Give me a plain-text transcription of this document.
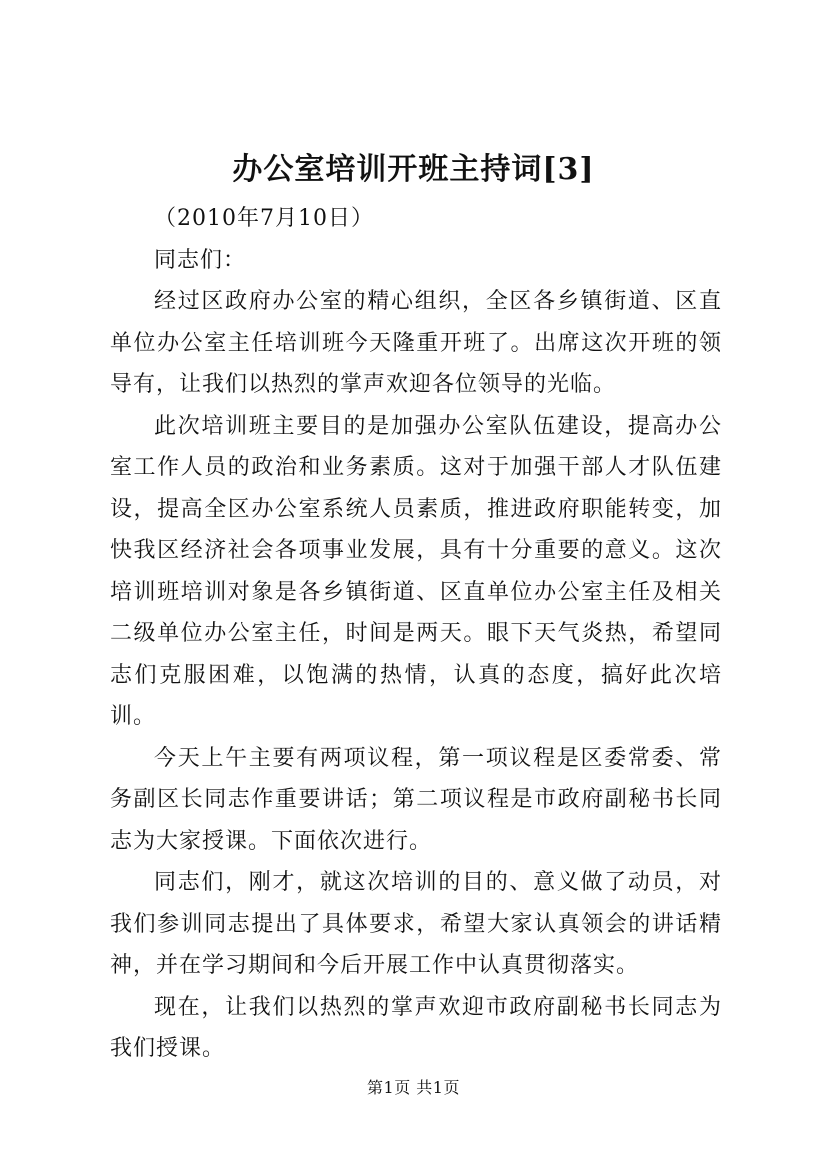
办公室培训开班主持词[3]

（2010年7月10日）

同志们：

经过区政府办公室的精心组织，全区各乡镇街道、区直单位办公室主任培训班今天隆重开班了。出席这次开班的领导有，让我们以热烈的掌声欢迎各位领导的光临。

此次培训班主要目的是加强办公室队伍建设，提高办公室工作人员的政治和业务素质。这对于加强干部人才队伍建设，提高全区办公室系统人员素质，推进政府职能转变，加快我区经济社会各项事业发展，具有十分重要的意义。这次培训班培训对象是各乡镇街道、区直单位办公室主任及相关二级单位办公室主任，时间是两天。眼下天气炎热，希望同志们克服困难，以饱满的热情，认真的态度，搞好此次培训。

今天上午主要有两项议程，第一项议程是区委常委、常务副区长同志作重要讲话；第二项议程是市政府副秘书长同志为大家授课。下面依次进行。

同志们，刚才，就这次培训的目的、意义做了动员，对我们参训同志提出了具体要求，希望大家认真领会的讲话精神，并在学习期间和今后开展工作中认真贯彻落实。

现在，让我们以热烈的掌声欢迎市政府副秘书长同志为我们授课。

第1页 共1页
